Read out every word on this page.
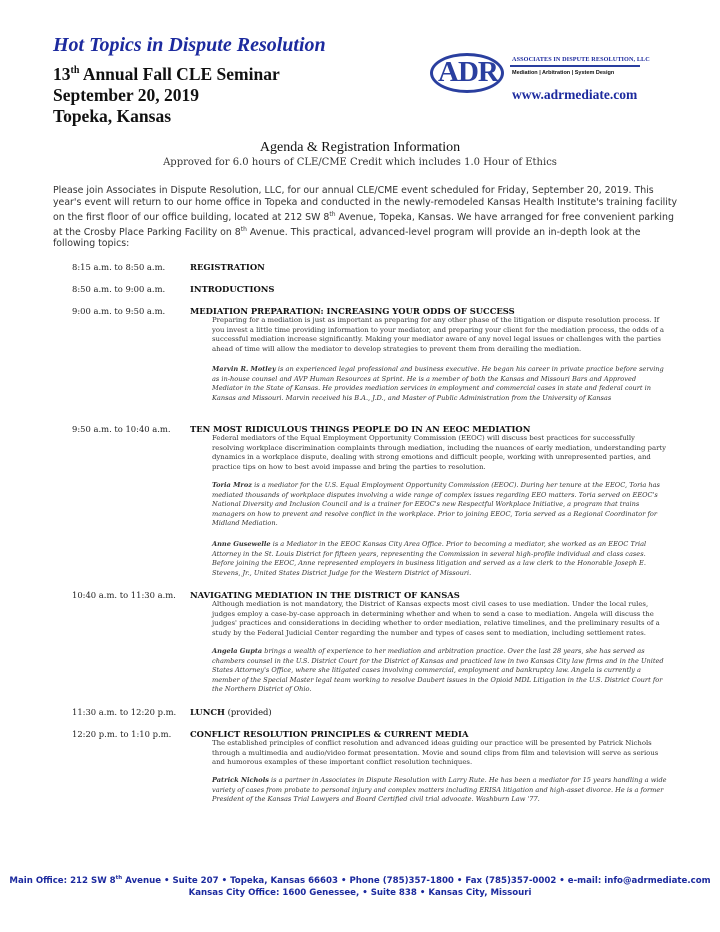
Hot Topics in Dispute Resolution
13th Annual Fall CLE Seminar
September 20, 2019
Topeka, Kansas
ADR ASSOCIATES IN DISPUTE RESOLUTION, LLC
Mediation | Arbitration | System Design
www.adrmediate.com
Agenda & Registration Information
Approved for 6.0 hours of CLE/CME Credit which includes 1.0 Hour of Ethics
Please join Associates in Dispute Resolution, LLC, for our annual CLE/CME event scheduled for Friday, September 20, 2019. This year's event will return to our home office in Topeka and conducted in the newly-remodeled Kansas Health Institute's training facility on the first floor of our office building, located at 212 SW 8th Avenue, Topeka, Kansas. We have arranged for free convenient parking at the Crosby Place Parking Facility on 8th Avenue. This practical, advanced-level program will provide an in-depth look at the following topics:
8:15 a.m. to 8:50 a.m.	REGISTRATION
8:50 a.m. to 9:00 a.m.	INTRODUCTIONS
9:00 a.m. to 9:50 a.m.	MEDIATION PREPARATION: INCREASING YOUR ODDS OF SUCCESS
Preparing for a mediation is just as important as preparing for any other phase of the litigation or dispute resolution process. If you invest a little time providing information to your mediator, and preparing your client for the mediation process, the odds of a successful mediation increase significantly. Making your mediator aware of any novel legal issues or challenges with the parties ahead of time will allow the mediator to develop strategies to prevent them from derailing the mediation.
Marvin R. Motley is an experienced legal professional and business executive. He began his career in private practice before serving as in-house counsel and AVP Human Resources at Sprint. He is a member of both the Kansas and Missouri Bars and Approved Mediator in the State of Kansas. He provides mediation services in employment and commercial cases in state and federal court in Kansas and Missouri. Marvin received his B.A., J.D., and Master of Public Administration from the University of Kansas
9:50 a.m. to 10:40 a.m. TEN MOST RIDICULOUS THINGS PEOPLE DO IN AN EEOC MEDIATION
Federal mediators of the Equal Employment Opportunity Commission (EEOC) will discuss best practices for successfully resolving workplace discrimination complaints through mediation, including the nuances of early mediation, understanding party dynamics in a workplace dispute, dealing with strong emotions and difficult people, working with unrepresented parties, and practice tips on how to best avoid impasse and bring the parties to resolution.
Toria Mroz is a mediator for the U.S. Equal Employment Opportunity Commission (EEOC). During her tenure at the EEOC, Toria has mediated thousands of workplace disputes involving a wide range of complex issues regarding EEO matters. Toria served on EEOC's National Diversity and Inclusion Council and is a trainer for EEOC's new Respectful Workplace Initiative, a program that trains managers on how to prevent and resolve conflict in the workplace. Prior to joining EEOC, Toria served as a Regional Coordinator for Midland Mediation.
Anne Gusewelle is a Mediator in the EEOC Kansas City Area Office. Prior to becoming a mediator, she worked as an EEOC Trial Attorney in the St. Louis District for fifteen years, representing the Commission in several high-profile individual and class cases. Before joining the EEOC, Anne represented employers in business litigation and served as a law clerk to the Honorable Joseph E. Stevens, Jr., United States District Judge for the Western District of Missouri.
10:40 a.m. to 11:30 a.m. NAVIGATING MEDIATION IN THE DISTRICT OF KANSAS
Although mediation is not mandatory, the District of Kansas expects most civil cases to use mediation. Under the local rules, judges employ a case-by-case approach in determining whether and when to send a case to mediation. Angela will discuss the judges' practices and considerations in deciding whether to order mediation, relative timelines, and the preliminary results of a study by the Federal Judicial Center regarding the number and types of cases sent to mediation, including settlement rates.
Angela Gupta brings a wealth of experience to her mediation and arbitration practice. Over the last 28 years, she has served as chambers counsel in the U.S. District Court for the District of Kansas and practiced law in two Kansas City law firms and in the United States Attorney's Office, where she litigated cases involving commercial, employment and bankruptcy law. Angela is currently a member of the Special Master legal team working to resolve Daubert issues in the Opioid MDL Litigation in the U.S. District Court for the Northern District of Ohio.
11:30 a.m. to 12:20 p.m. LUNCH (provided)
12:20 p.m. to 1:10 p.m. CONFLICT RESOLUTION PRINCIPLES & CURRENT MEDIA
The established principles of conflict resolution and advanced ideas guiding our practice will be presented by Patrick Nichols through a multimedia and audio/video format presentation. Movie and sound clips from film and television will serve as serious and humorous examples of these important conflict resolution techniques.
Patrick Nichols is a partner in Associates in Dispute Resolution with Larry Rute. He has been a mediator for 15 years handling a wide variety of cases from probate to personal injury and complex matters including ERISA litigation and high-asset divorce. He is a former President of the Kansas Trial Lawyers and Board Certified civil trial advocate. Washburn Law '77.
Main Office: 212 SW 8th Avenue • Suite 207 • Topeka, Kansas 66603 • Phone (785)357-1800 • Fax (785)357-0002 • e-mail: info@adrmediate.com
Kansas City Office: 1600 Genessee, • Suite 838 • Kansas City, Missouri
